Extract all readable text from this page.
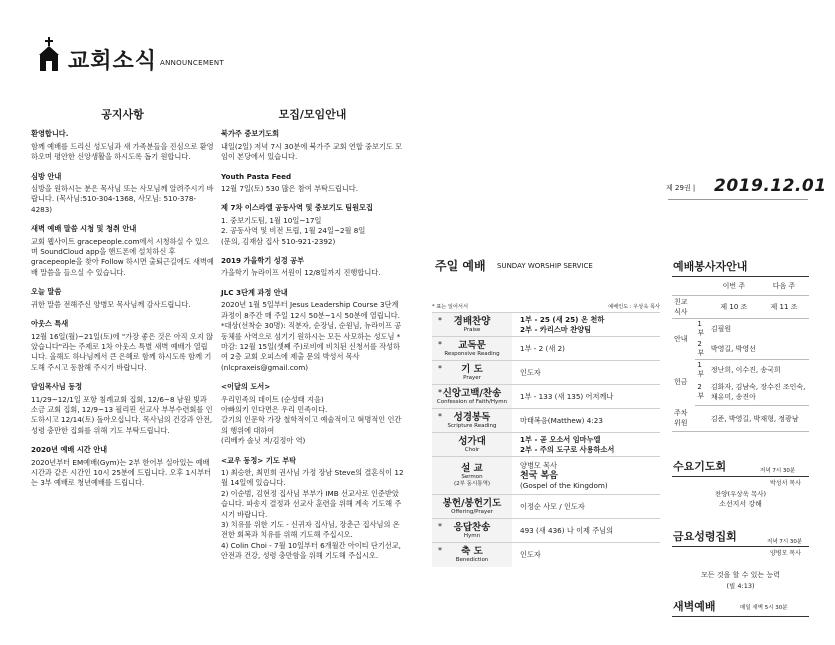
교회소식 ANNOUNCEMENT
공지사항
환영합니다.

함께 예배를 드리신 성도님과 새 가족분들을 진심으로 환영하오며 평안한 신앙생활을 하시도록 돕기 원합니다.

심방 안내

심방을 원하시는 분은 목사님 또는 사모님께 알려주시기 바랍니다. (목사님:510-304-1368, 사모님: 510-378-4283)

새벽 예배 말씀 시청 및 청취 안내

교회 웹사이트 gracepeople.com에서 시청하실 수 있으며 SoundCloud app을 핸드폰에 설치하신 후 gracepeople을 찾아 Follow 하시면 출퇴근길에도 새벽예배 말씀을 들으실 수 있습니다.

오늘 말씀

귀한 말씀 전해주신 양병모 목사님께 감사드립니다.

아웃스 특새

12월 16일(월)~21일(토)에 "가장 좋은 것은 아직 오지 않았습니다"라는 주제로 1차 아웃스 특별 새벽 예배가 열립니다. 올해도 하나님께서 큰 은혜로 함께 하시도록 함께 기도해 주시고 동참해 주시기 바랍니다.

담임목사님 동정

11/29~12/1일 포항 침례교회 집회, 12/6~8 남원 빛과 소금 교회 집회, 12/9~13 필리핀 선교사 부부수련회를 인도하시고 12/14(토) 돌아오십니다. 목사님의 건강과 안전, 성령 충만한 집회를 위해 기도 부탁드립니다.

2020년 예배 시간 안내

2020년부터 EM예배(Gym)는 2부 한어부 실아있는 예배 시간과 같은 시간인 10시 25분에 드립니다. 오후 1시부터는 3부 예배로 청년예배를 드립니다.

모집/모임안내
북가주 중보기도회

내일(2일) 저녁 7시 30분에 북가주 교회 연합 중보기도 모임이 본당에서 있습니다.

Youth Pasta Feed

12월 7일(토) 530 많은 참여 부탁드립니다.

제 7차 이스라엘 공동사역 및 중보기도 팀원모집
1. 중보기도팀, 1월 10일~17일
2. 공동사역 및 비전 트립, 1월 24일~2월 8일
(문의, 김재삼 집사 510-921-2392)
2019 가을학기 성경 공부

가을학기 뉴라이프 서원이 12/8일까지 진행합니다.

JLC 3단계 과정 안내

2020년 1월 5일부터 Jesus Leadership Course 3단계 과정이 8주간 매 주일 12시 50분~1시 50분에 열립니다. *대상(선착순 30명): 직분자, 순장님, 순원님, 뉴라이프 공동체를 사역으로 섬기기 원하시는 모든 사모하는 성도님 *마감: 12월 15일(셋째 주)로비에 비치된 신청서를 작성하여 2층 교회 오피스에 제출 문의 박성서 목사 (nlcpraxeis@gmail.com)

<이달의 도서>
우리민족의 데이트 (순성태 지음)
아빠의키 인다면은 우리 민족이다.
갈기의 인문학 가장 철학적이고 예술적이고 혁명적인 인간의 행위에 대하여
(리베카 솔닛 저/김정아 역)
<교우 동정> 기도 부탁
1) 최승한, 최민희 권사님 가정 장남 Steve의 결혼식이 12월 14일에 있습니다.
2) 이순범, 김현정 집사님 부부가 IMB 선교사로 인준받았습니다. 파송지 결정과 선교사 훈련을 위해 계속 기도해 주시기 바랍니다.
3) 치유를 위한 기도 - 신귀자 집사님, 장춘근 집사님의 온전한 회복과 치유를 위해 기도해 주십시오.
4) Colin Choi - 7월 10일부터 6개월간 아이티 단기선교, 안전과 건강, 성령 충만함을 위해 기도해 주십시오.
제 29권 | 2019.12.01
주일 예배 SUNDAY WORSHIP SERVICE
* 표는 일어서서	예배인도 : 우상욱 목사

* 경배찬양
Praise	1부 - 25 (새 25) 온 천하
2부 - 카리스마 찬양팀

* 교독문
Responsive Reading	1부 - 2 (새 2)

* 기 도
Prayer	인도자

* 신앙고백/찬송
Confession of Faith/Hymn	1부 - 133 (새 135) 어저께나

* 성경봉독
Scripture Reading	마태복음(Matthew) 4:23

성가대
Choir	1부 - 곧 오소서 임마누엘
2부 - 주의 도구로 사용하소서

설 교
Sermon
(2부 동시통역)	양병모 목사
천국 복음
(Gospel of the Kingdom)

봉헌/봉헌기도
Offering/Prayer	이정순 사모 / 인도자

* 응답찬송
Hymn	493 (새 436) 나 이제 주님의

* 축 도
Benediction	인도자
예배봉사자안내
		이번 주	다음 주
친교식사		제 10 조	제 11 조
안내	1부	김필원	
	2부	박영길, 박영선	
헌금	1부	정난희, 이수진, 송국희	
	2부	김화자, 김남숙, 장수진 조인숙, 채유미, 송진아	
주차위원		김준, 박영길, 박재형, 정광남	
수요기도회	저녁 7시 30분
박성서 목사
찬양(우상욱 목사)
소선지서 강해
금요성령집회	저녁 7시 30분
양병모 목사
모든 것을 할 수 있는 능력
(빌 4:13)
새벽예배	매일 새벽 5시 30분
